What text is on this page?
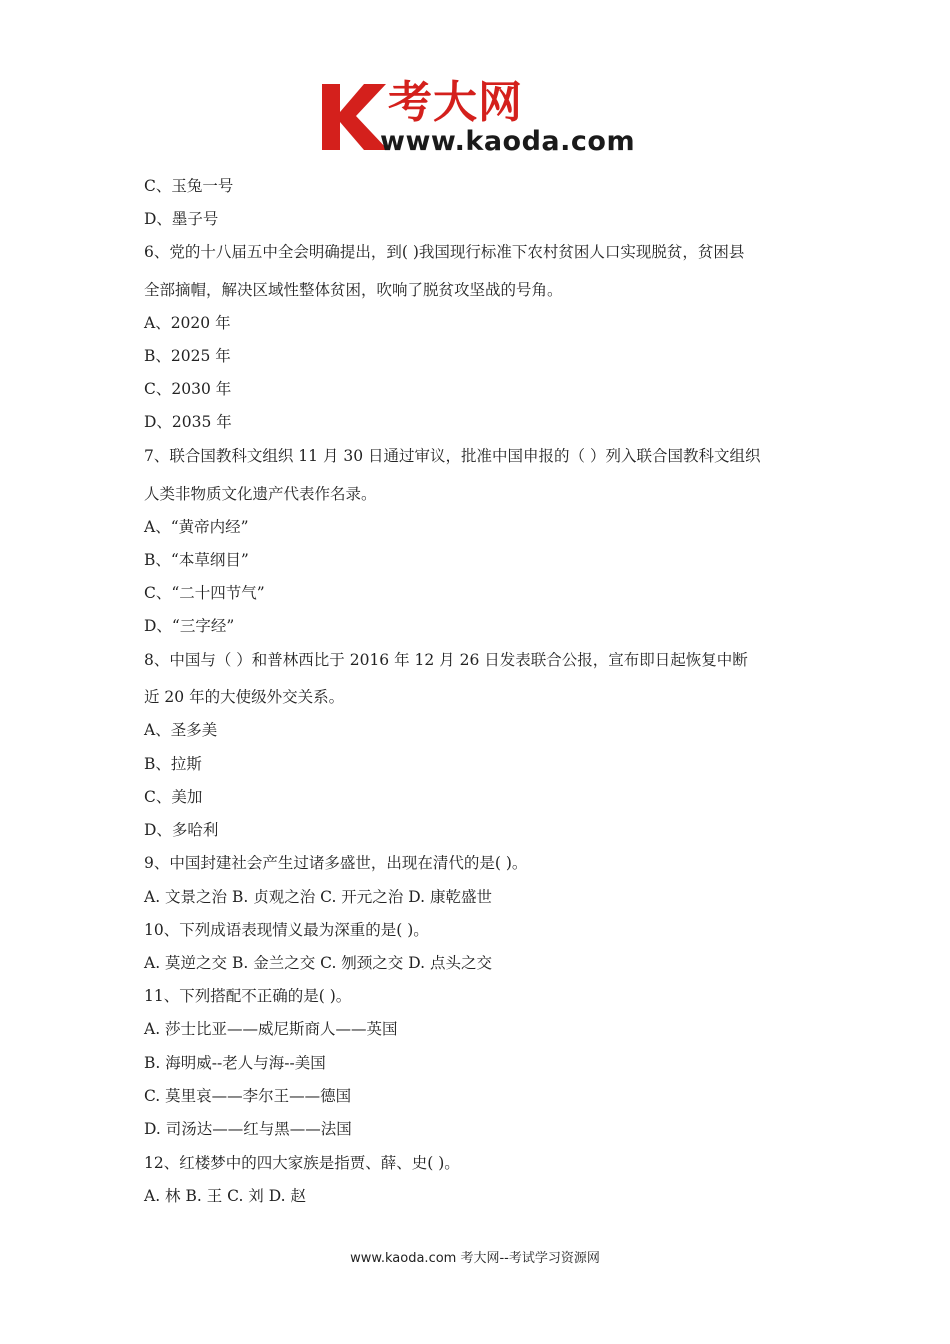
考大网
www.kaoda.com
C、玉兔一号
D、墨子号
6、党的十八届五中全会明确提出，到( )我国现行标准下农村贫困人口实现脱贫，贫困县
全部摘帽，解决区域性整体贫困，吹响了脱贫攻坚战的号角。
A、2020 年
B、2025 年
C、2030 年
D、2035 年
7、联合国教科文组织 11 月 30 日通过审议，批准中国申报的（ ）列入联合国教科文组织
人类非物质文化遗产代表作名录。
A、“黄帝内经”
B、“本草纲目”
C、“二十四节气”
D、“三字经”
8、中国与（ ）和普林西比于 2016 年 12 月 26 日发表联合公报，宣布即日起恢复中断
近 20 年的大使级外交关系。
A、圣多美
B、拉斯
C、美加
D、多哈利
9、中国封建社会产生过诸多盛世，出现在清代的是( )。
A. 文景之治 B. 贞观之治 C. 开元之治 D. 康乾盛世
10、下列成语表现情义最为深重的是( )。
A. 莫逆之交 B. 金兰之交 C. 刎颈之交 D. 点头之交
11、下列搭配不正确的是( )。
A. 莎士比亚——威尼斯商人——英国
B. 海明威--老人与海--美国
C. 莫里哀——李尔王——德国
D. 司汤达——红与黑——法国
12、红楼梦中的四大家族是指贾、薛、史( )。
A. 林 B. 王 C. 刘 D. 赵
www.kaoda.com 考大网--考试学习资源网
